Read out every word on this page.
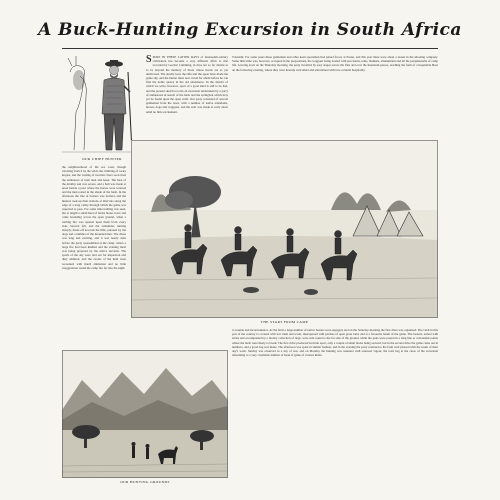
A Buck-Hunting Excursion in South Africa
OUR CHIEF HUNTER

SPORT IN THESE LATTER DAYS of nineteenth-century civilisation has become a very different affair to that recorded by Gordon Cumming, in days not so far distant as to be beyond the memory of those whose heads are as yet unsilvered. The deadly lead, the rifle and the spear have made the game shy, and the hunter must now travel far afield before he can find the noble quarry in the old abundance. In the district of which we write, however, sport of a good kind is still to be had, and the present sketch records an excursion undertaken by a party of enthusiasts in search of the buck and the springbok which may yet be found upon the open veldt. Our party consisted of several gentlemen from the town, with a number of native attendants, horses, dogs and waggons, and the start was made at early dawn amid no little excitement.

the neighbourhood of the sea coast, though traveling from it by the veldt, the climbing of rocky kopjes, and the wading of swollen rivers soon tried the endurance of both man and beast. The heat of the midday sun was severe, and a halt was made at noon beside a pool where the horses were watered and the men rested in the shade of the bush. In the afternoon the line of beaters was formed, and the hunters took up their stations at intervals along the edge of a long valley through which the game was expected to pass. For some time nothing was seen, but at length a small herd of bucks broke cover and came bounding across the open ground, when a rattling fire was opened upon them from every side. Several fell, and the remainder, turning sharply, made off towards the hills, pursued by the dogs and a number of the mounted men. The chase was long and exciting, and it was nearly dark before the party reassembled at the camp, where a large fire had been kindled and the evening meal was being prepared by the native servants. The spoils of the day were laid out for inspection and duly admired, and the events of the hunt were recounted with much animation and no little exaggeration round the camp fire far into the night.

Tristrami. For some years these gentlemen and other keen sportsmen had joined forces at Easter, and this year there were about a dozen in the shooting company. Some little time was, however, occupied in the preparations, the waggons being loaded with provisions, tents, blankets, ammunition and all the paraphernalia of camp life. Leaving town on the Thursday morning, the party travelled by easy stages across the flats and over the mountain passes, reaching the farm of a hospitable Boer on the following evening, where they were heartily welcomed and entertained with true colonial hospitality.

THE START FROM CAMP

to trouble and inconvenience. At the farm a large number of native beaters were engaged, and on the Saturday morning the first drive was organised. The veldt in this part of the country is covered with low bush and scrub, interspersed with patches of open grass land, and is a favourite haunt of the game. The beaters, armed with sticks and accompanied by a motley collection of dogs, were sent round to the far side of the ground, while the guns were posted in a long line at convenient points where the buck were likely to break. The first drive produced but little sport, only a couple of small bucks being secured, but in the second drive the game came out in numbers, and a good bag was made. The afternoon was spent in similar fashion, and in the evening the party returned to the farm well pleased with the result of their day's work. Sunday was observed as a day of rest, and on Monday the hunting was resumed with renewed vigour, the total bag at the close of the excursion amounting to a very creditable number of head of game of various kinds.

OUR HUNTING GROUNDS
